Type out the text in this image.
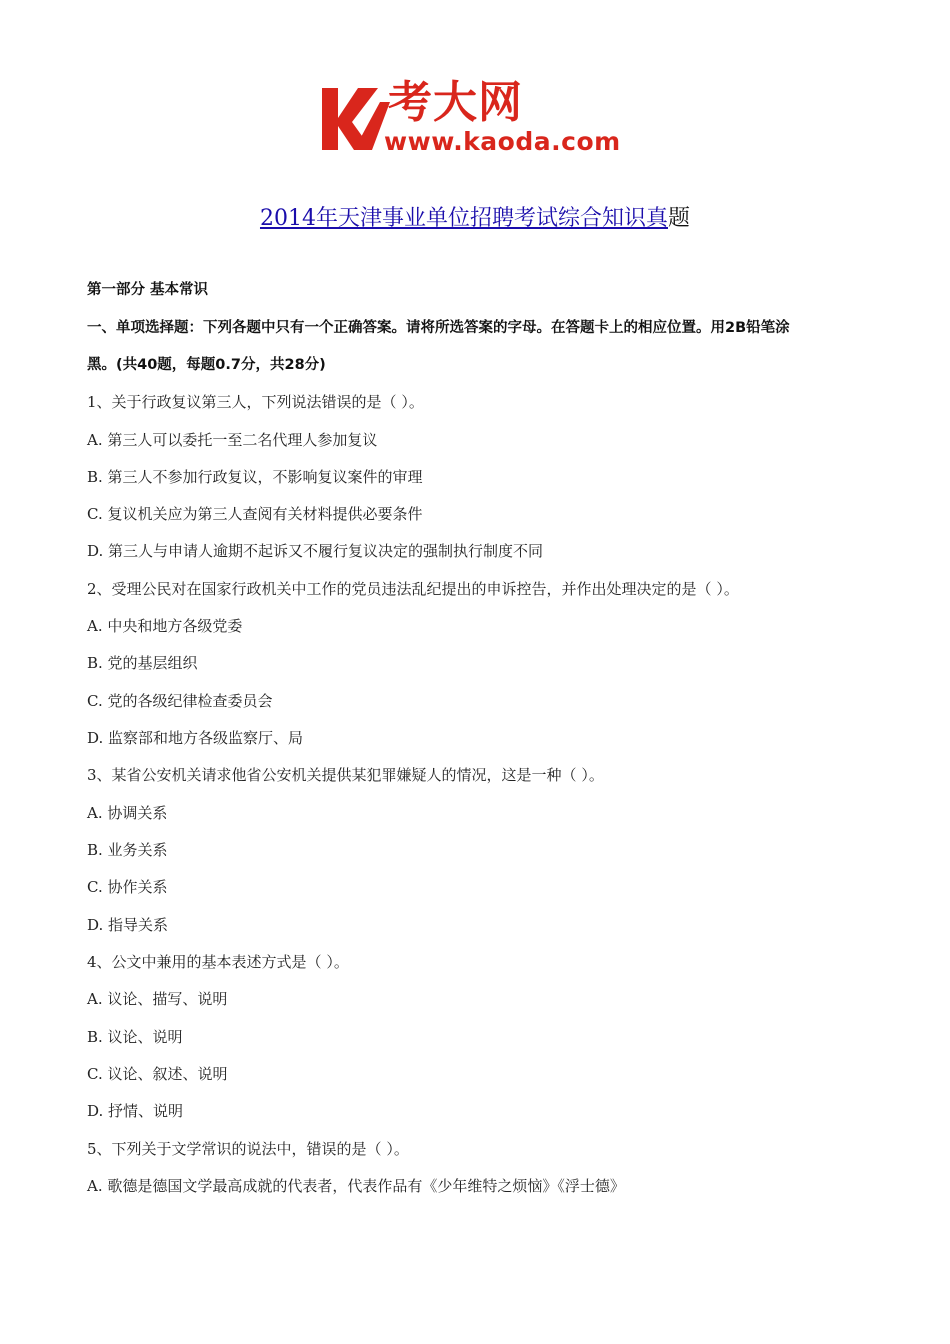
考大网
www.kaoda.com
2014年天津事业单位招聘考试综合知识真题
第一部分 基本常识
一、单项选择题：下列各题中只有一个正确答案。请将所选答案的字母。在答题卡上的相应位置。用2B铅笔涂
黑。(共40题，每题0.7分，共28分)
1、关于行政复议第三人，下列说法错误的是（ ）。
A. 第三人可以委托一至二名代理人参加复议
B. 第三人不参加行政复议，不影响复议案件的审理
C. 复议机关应为第三人查阅有关材料提供必要条件
D. 第三人与申请人逾期不起诉又不履行复议决定的强制执行制度不同
2、受理公民对在国家行政机关中工作的党员违法乱纪提出的申诉控告，并作出处理决定的是（ ）。
A. 中央和地方各级党委
B. 党的基层组织
C. 党的各级纪律检查委员会
D. 监察部和地方各级监察厅、局
3、某省公安机关请求他省公安机关提供某犯罪嫌疑人的情况，这是一种（ ）。
A. 协调关系
B. 业务关系
C. 协作关系
D. 指导关系
4、公文中兼用的基本表述方式是（ ）。
A. 议论、描写、说明
B. 议论、说明
C. 议论、叙述、说明
D. 抒情、说明
5、下列关于文学常识的说法中，错误的是（ ）。
A. 歌德是德国文学最高成就的代表者，代表作品有《少年维特之烦恼》《浮士德》
